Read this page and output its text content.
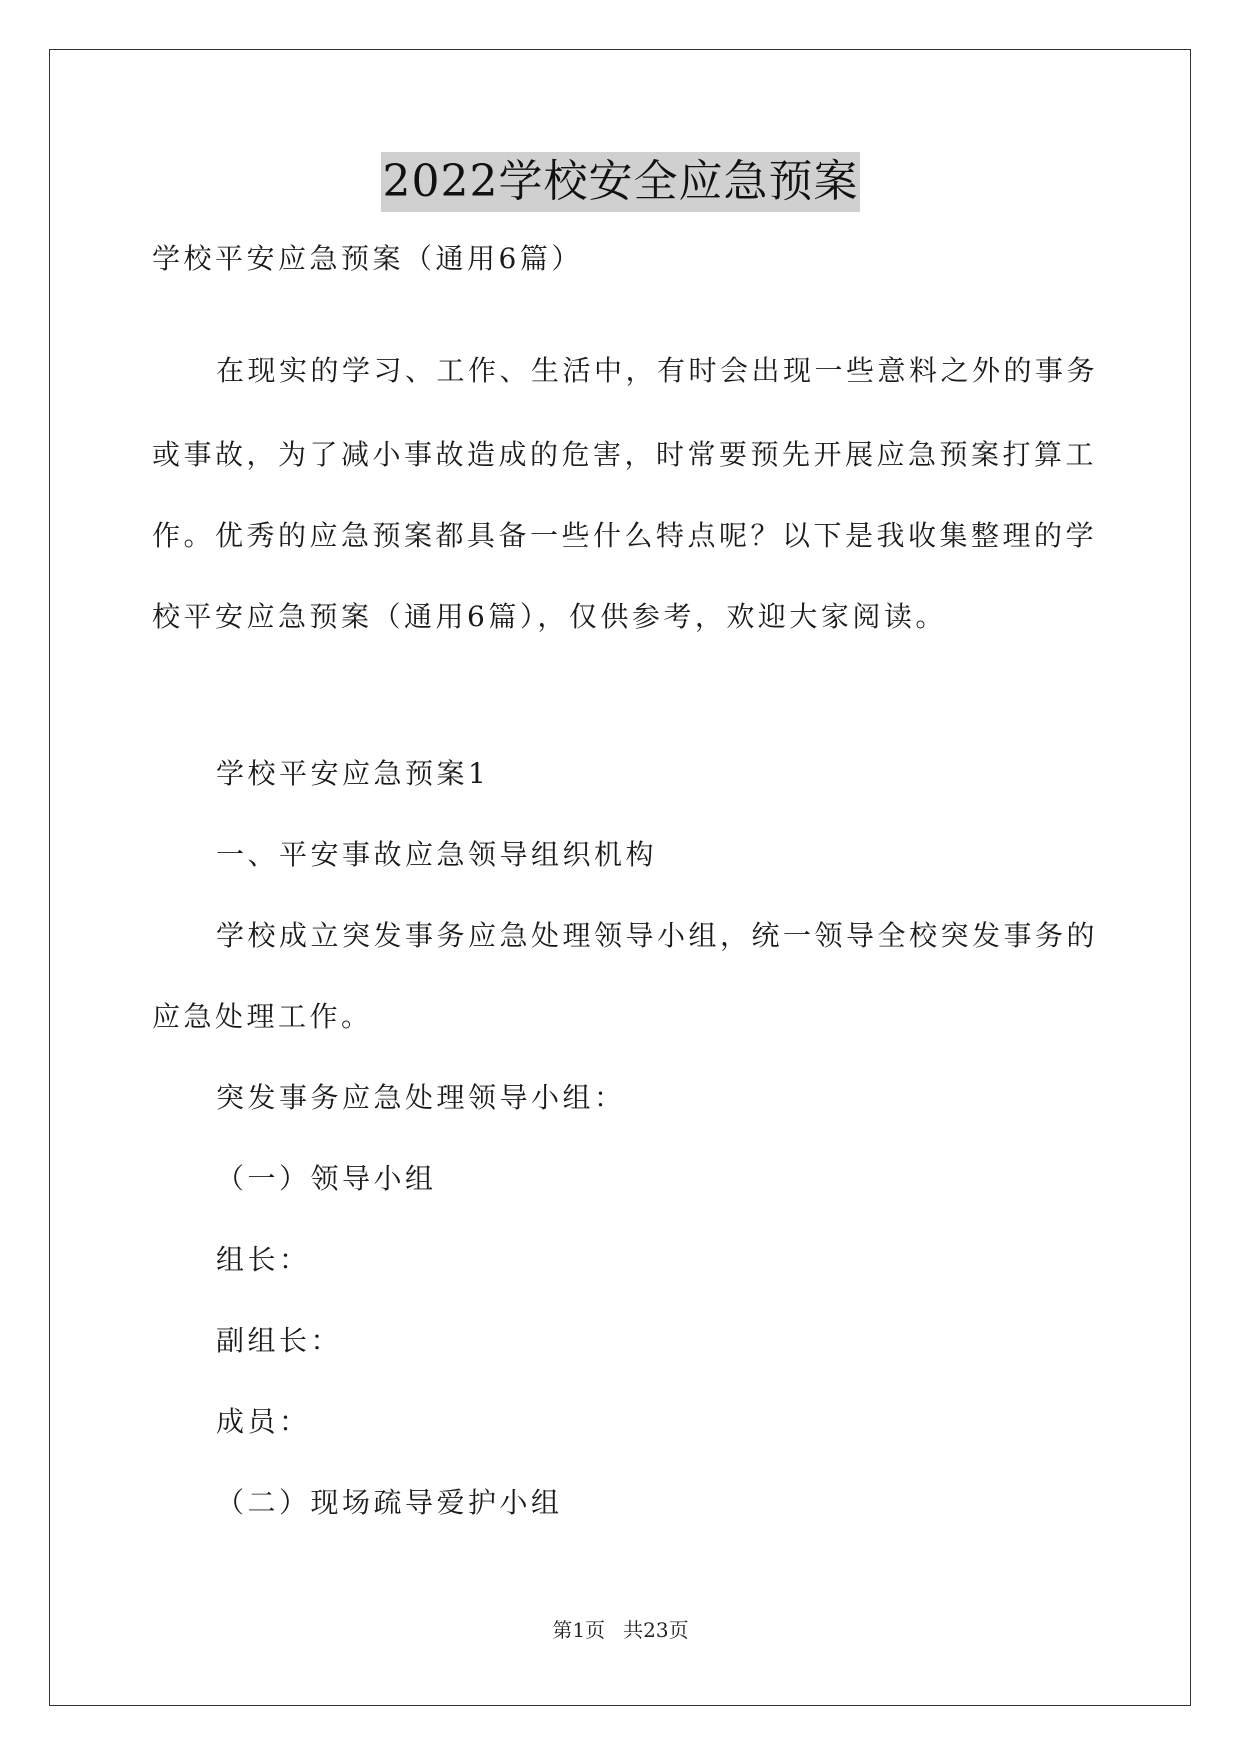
2022学校安全应急预案
学校平安应急预案（通用6篇）
在现实的学习、工作、生活中，有时会出现一些意料之外的事务
或事故，为了减小事故造成的危害，时常要预先开展应急预案打算工
作。优秀的应急预案都具备一些什么特点呢？以下是我收集整理的学
校平安应急预案（通用6篇），仅供参考，欢迎大家阅读。
学校平安应急预案1
一、平安事故应急领导组织机构
学校成立突发事务应急处理领导小组，统一领导全校突发事务的
应急处理工作。
突发事务应急处理领导小组：
（一）领导小组
组长：
副组长：
成员：
（二）现场疏导爱护小组
第1页 共23页
